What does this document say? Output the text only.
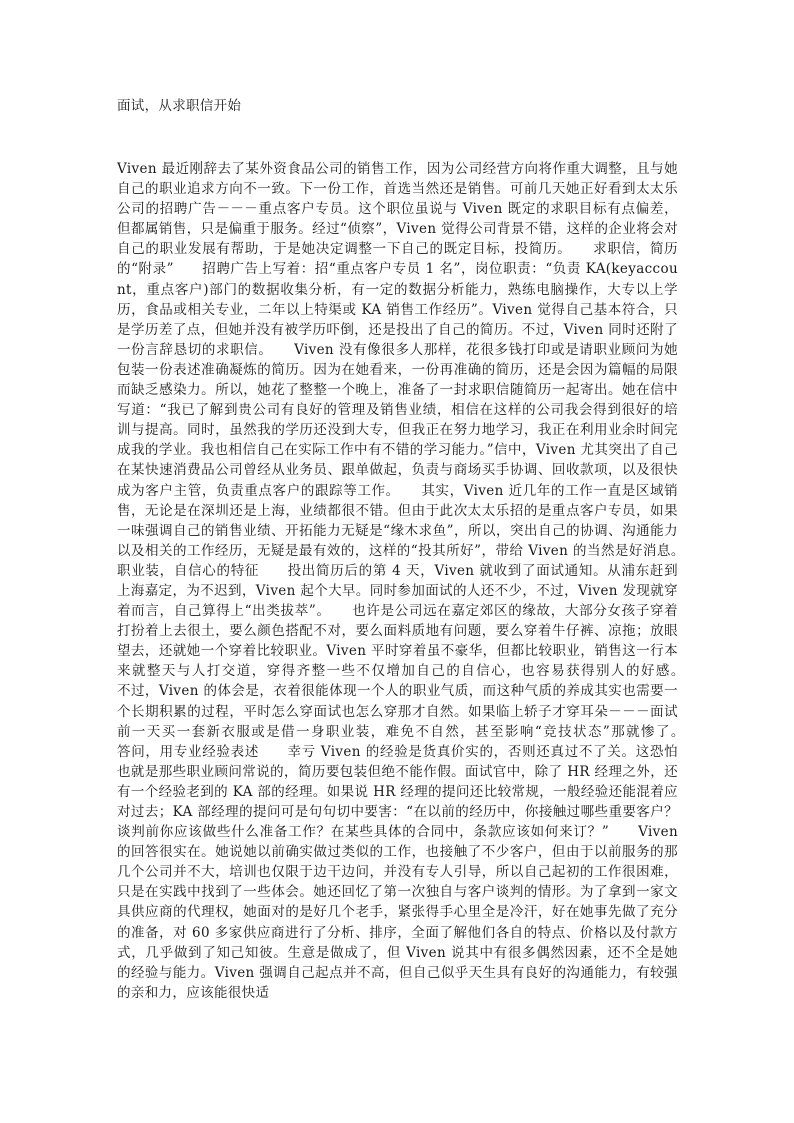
面试，从求职信开始

Viven 最近刚辞去了某外资食品公司的销售工作，因为公司经营方向将作重大调整，且与她自己的职业追求方向不一致。下一份工作，首选当然还是销售。可前几天她正好看到太太乐公司的招聘广告－－－重点客户专员。这个职位虽说与 Viven 既定的求职目标有点偏差，但都属销售，只是偏重于服务。经过“侦察”，Viven 觉得公司背景不错，这样的企业将会对自己的职业发展有帮助，于是她决定调整一下自己的既定目标，投简历。　　求职信，简历的“附录”　　招聘广告上写着：招“重点客户专员 1 名”，岗位职责：“负责 KA(keyaccount，重点客户)部门的数据收集分析，有一定的数据分析能力，熟练电脑操作，大专以上学历，食品或相关专业，二年以上特渠或 KA 销售工作经历”。Viven 觉得自己基本符合，只是学历差了点，但她并没有被学历吓倒，还是投出了自己的简历。不过，Viven 同时还附了一份言辞恳切的求职信。　　Viven 没有像很多人那样，花很多钱打印或是请职业顾问为她包装一份表述准确凝炼的简历。因为在她看来，一份再准确的简历，还是会因为篇幅的局限而缺乏感染力。所以，她花了整整一个晚上，准备了一封求职信随简历一起寄出。她在信中写道：“我已了解到贵公司有良好的管理及销售业绩，相信在这样的公司我会得到很好的培训与提高。同时，虽然我的学历还没到大专，但我正在努力地学习，我正在利用业余时间完成我的学业。我也相信自己在实际工作中有不错的学习能力。”信中，Viven 尤其突出了自己在某快速消费品公司曾经从业务员、跟单做起，负责与商场买手协调、回收款项，以及很快成为客户主管，负责重点客户的跟踪等工作。　　其实，Viven 近几年的工作一直是区域销售，无论是在深圳还是上海，业绩都很不错。但由于此次太太乐招的是重点客户专员，如果一味强调自己的销售业绩、开拓能力无疑是“缘木求鱼”，所以，突出自己的协调、沟通能力以及相关的工作经历，无疑是最有效的，这样的“投其所好”，带给 Viven 的当然是好消息。　　职业装，自信心的特征　　投出简历后的第 4 天，Viven 就收到了面试通知。从浦东赶到上海嘉定，为不迟到，Viven 起个大早。同时参加面试的人还不少，不过，Viven 发现就穿着而言，自己算得上“出类拔萃”。　　也许是公司远在嘉定郊区的缘故，大部分女孩子穿着打扮着上去很土，要么颜色搭配不对，要么面料质地有问题，要么穿着牛仔裤、凉拖；放眼望去，还就她一个穿着比较职业。Viven 平时穿着虽不豪华，但都比较职业，销售这一行本来就整天与人打交道，穿得齐整一些不仅增加自己的自信心，也容易获得别人的好感。　　不过，Viven 的体会是，衣着很能体现一个人的职业气质，而这种气质的养成其实也需要一个长期积累的过程，平时怎么穿面试也怎么穿那才自然。如果临上轿子才穿耳朵－－－面试前一天买一套新衣服或是借一身职业装，难免不自然，甚至影响“竞技状态”那就惨了。　　答问，用专业经验表述　　幸亏 Viven 的经验是货真价实的，否则还真过不了关。这恐怕也就是那些职业顾问常说的，简历要包装但绝不能作假。面试官中，除了 HR 经理之外，还有一个经验老到的 KA 部的经理。如果说 HR 经理的提问还比较常规，一般经验还能混着应对过去；KA 部经理的提问可是句句切中要害：“在以前的经历中，你接触过哪些重要客户？　　谈判前你应该做些什么准备工作？在某些具体的合同中，条款应该如何来订？”　　Viven 的回答很实在。她说她以前确实做过类似的工作，也接触了不少客户，但由于以前服务的那几个公司并不大，培训也仅限于边干边问，并没有专人引导，所以自己起初的工作很困难，只是在实践中找到了一些体会。她还回忆了第一次独自与客户谈判的情形。为了拿到一家文具供应商的代理权，她面对的是好几个老手，紧张得手心里全是冷汗，好在她事先做了充分的准备，对 60 多家供应商进行了分析、排序，全面了解他们各自的特点、价格以及付款方式，几乎做到了知己知彼。生意是做成了，但 Viven 说其中有很多偶然因素，还不全是她的经验与能力。Viven 强调自己起点并不高，但自己似乎天生具有良好的沟通能力，有较强的亲和力，应该能很快适
